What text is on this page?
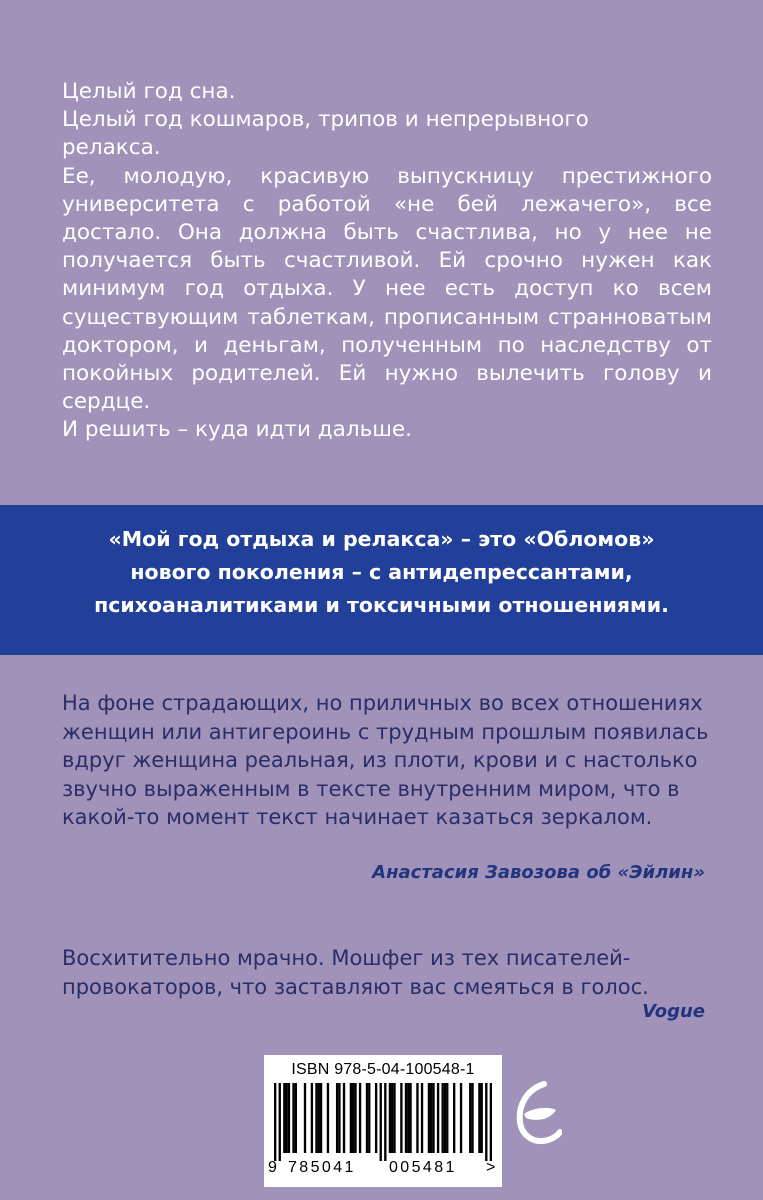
Целый год сна.

Целый год кошмаров, трипов и непрерывного
релакса.

Ее, молодую, красивую выпускницу престижного университета с работой «не бей лежачего», все достало. Она должна быть счастлива, но у нее не получается быть счастливой. Ей срочно нужен как минимум год отдыха. У нее есть доступ ко всем существующим таблеткам, прописанным странноватым доктором, и деньгам, полученным по наследству от покойных родителей. Ей нужно вылечить голову и сердце.

И решить – куда идти дальше.

«Мой год отдыха и релакса» – это «Обломов»
нового поколения – с антидепрессантами,
психоаналитиками и токсичными отношениями.

На фоне страдающих, но приличных во всех отношениях женщин или антигероинь с трудным прошлым появилась вдруг женщина реальная, из плоти, крови и с настолько звучно выраженным в тексте внутренним миром, что в какой-то момент текст начинает казаться зеркалом.

Анастасия Завозова об «Эйлин»

Восхитительно мрачно. Мошфег из тех писателей-
провокаторов, что заставляют вас смеяться в голос.

Vogue
ISBN 978-5-04-100548-1
9 785041 005481 >
